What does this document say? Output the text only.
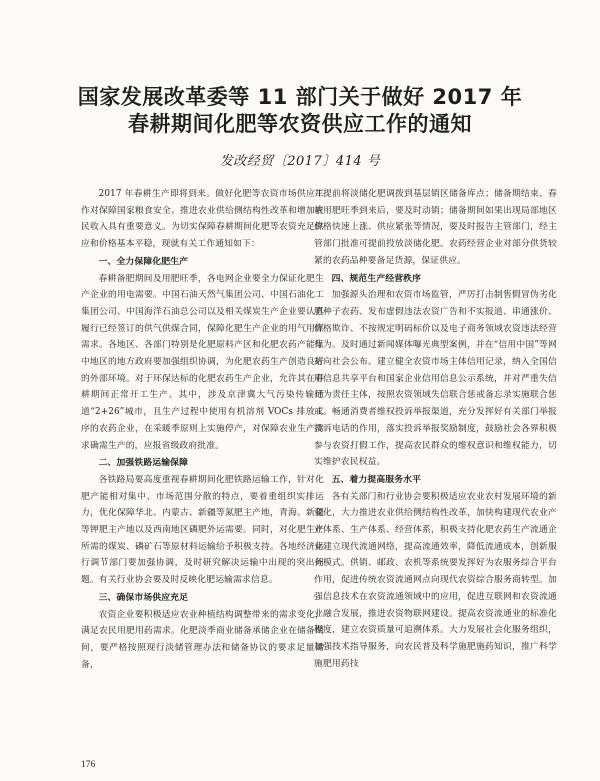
国家发展改革委等 11 部门关于做好 2017 年
春耕期间化肥等农资供应工作的通知
发改经贸〔2017〕414 号

2017 年春耕生产即将到来。做好化肥等农资市场供应工作对保障国家粮食安全、推进农业供给侧结构性改革和增加农民收入具有重要意义。为切实保障春耕期间化肥等农资充足供应和价格基本平稳，现就有关工作通知如下：

一、全力保障化肥生产

春耕备肥期间及用肥旺季，各电网企业要全力保证化肥生产企业的用电需要。中国石油天然气集团公司、中国石油化工集团公司、中国海洋石油总公司以及相关煤炭生产企业要认真履行已经签订的供气供煤合同，保障化肥生产企业的用气用煤需求。各地区、各部门特别是化肥原料产区和化肥农药产能集中地区的地方政府要加强组织协调，为化肥农药生产创造良好的外部环境。对于环保达标的化肥农药生产企业，允许其在春耕期间正常开工生产。其中，涉及京津冀大气污染传输通道“2+26”城市，且生产过程中使用有机溶剂 VOCs 排放工序的农药企业，在采暖季原则上实施停产，对保障农业生产需求确需生产的，应报省级政府批准。

二、加强铁路运输保障

各铁路局要高度重视春耕期间化肥铁路运输工作，针对化肥产能相对集中、市场范围分散的特点，要着重组织实排运力，优化保障华北、内蒙古、新疆等氮肥主产地，青海、新疆等钾肥主产地以及西南地区磷肥外运需要。同时，对化肥生产所需的煤炭、磷矿石等原材料运输给予积极支持。各地经济运行调节部门要加强协调，及时研究解决运输中出现的突出问题。有关行业协会要及时反映化肥运输需求信息。

三、确保市场供应充足

农资企业要积极适应农业种植结构调整带来的需求变化，满足农民用肥用药需求。化肥淡季商业储备承储企业在储备期间，要严格按照现行淡储管理办法和储备协议的要求足量储备，

并提前将淡储化肥调拨到基层销区储备库点；储备期结束、春耕用肥旺季到来后，要及时动销；储备期间如果出现局部地区价格快速上涨、供应紧张等情况，要及时报告主管部门，经主管部门批准可提前投放淡储化肥。农药经营企业对部分供货较紧的农药品种要备足货源，保证供应。

四、规范生产经营秩序

加强源头治理和农资市场监管，严厉打击制售假冒伪劣化肥种子农药、发布虚假违法农资广告和不实报道、串通涨价、价格欺诈、不按规定明码标价以及电子商务领域农资违法经营行为。及时通过新闻媒体曝光典型案例，并在“信用中国”等网站向社会公布。建立健全农资市场主体信用记录，纳入全国信用信息共享平台和国家企业信用信息公示系统，并对严重失信行为责任主体，按照农资领域失信联合惩戒备忘录实施联合惩戒。畅通消费者维权投诉举报渠道，充分发挥好有关部门举报投诉电话的作用，落实投诉举报奖励制度，鼓励社会各界积极参与农资打假工作，提高农民群众的维权意识和维权能力，切实维护农民权益。

五、着力提高服务水平

各有关部门和行业协会要积极适应农业农村发展环境的新变化，大力推进农业供给侧结构性改革，加快构建现代农业产业体系、生产体系、经营体系，积极支持化肥农药生产流通企业建立现代流通网络，提高流通效率，降低流通成本，创新服务模式。供销、邮政、农机等系统要发挥好为农服务综合平台作用，促进传统农资流通网点向现代农资综合服务商转型。加强信息技术在农资流通领域中的应用，促进互联网和农资流通业融合发展，推进农资物联网建设。提高农资流通业的标准化程度，建立农资质量可追溯体系。大力发展社会化服务组织，加强技术指导服务，向农民普及科学施肥施药知识，推广科学施肥用药技

176
